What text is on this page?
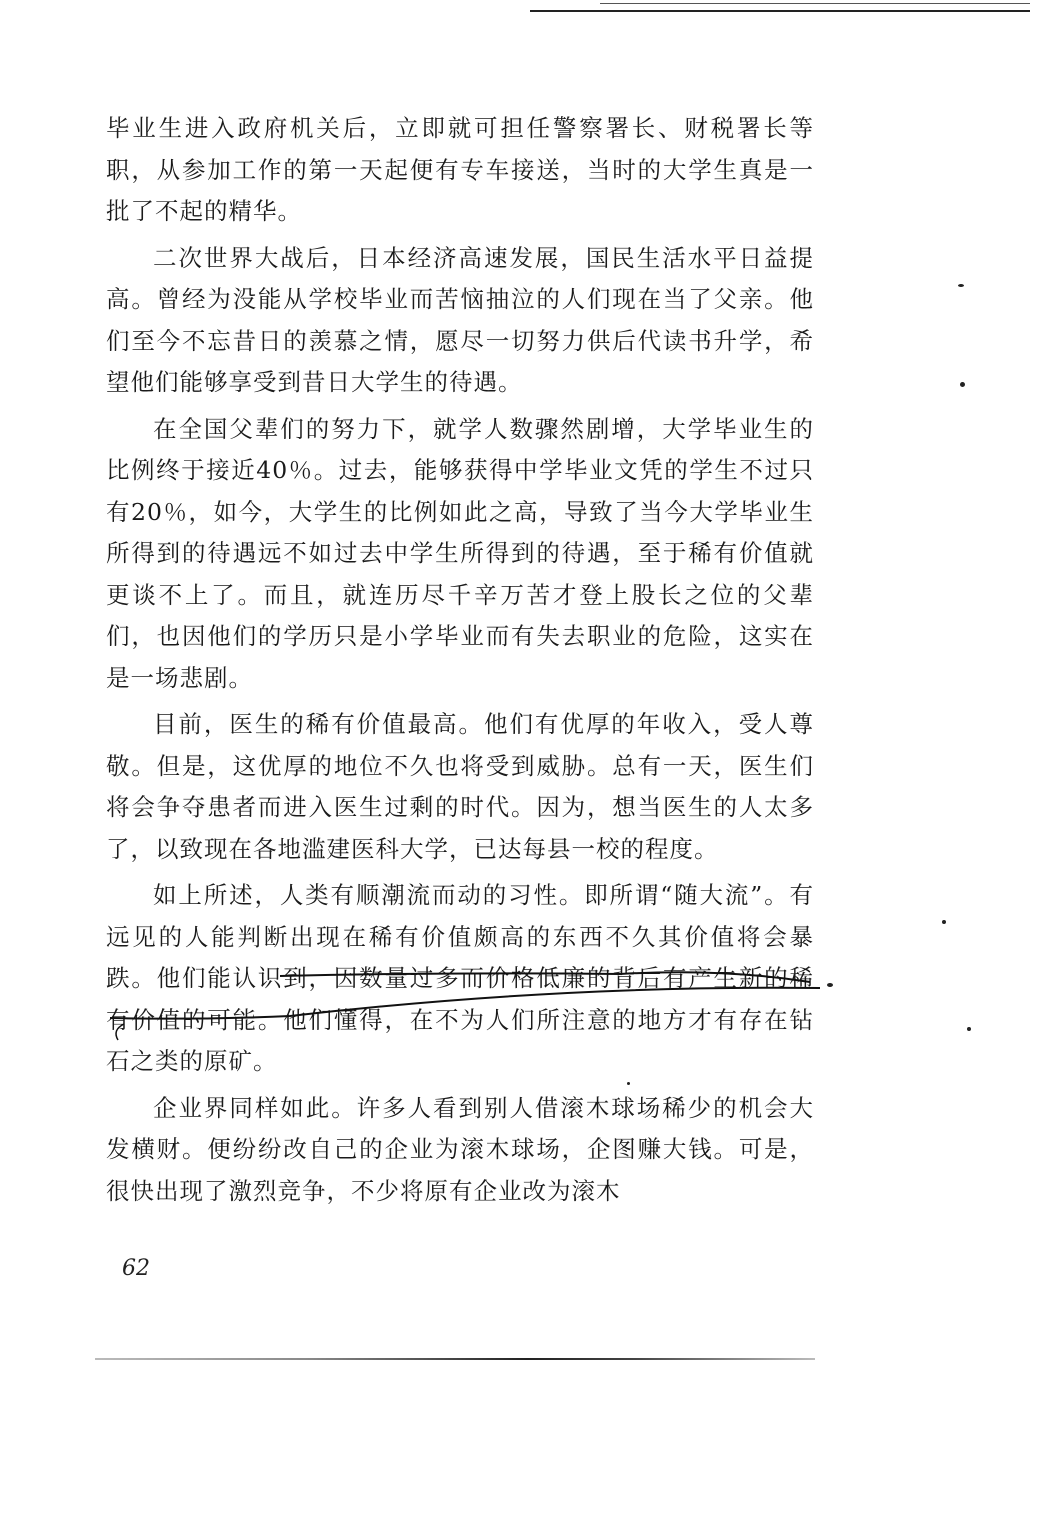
毕业生进入政府机关后，立即就可担任警察署长、财税署长等职，从参加工作的第一天起便有专车接送，当时的大学生真是一批了不起的精华。

二次世界大战后，日本经济高速发展，国民生活水平日益提高。曾经为没能从学校毕业而苦恼抽泣的人们现在当了父亲。他们至今不忘昔日的羡慕之情，愿尽一切努力供后代读书升学，希望他们能够享受到昔日大学生的待遇。

在全国父辈们的努力下，就学人数骤然剧增，大学毕业生的比例终于接近40％。过去，能够获得中学毕业文凭的学生不过只有20％，如今，大学生的比例如此之高，导致了当今大学毕业生所得到的待遇远不如过去中学生所得到的待遇，至于稀有价值就更谈不上了。而且，就连历尽千辛万苦才登上股长之位的父辈们，也因他们的学历只是小学毕业而有失去职业的危险，这实在是一场悲剧。

目前，医生的稀有价值最高。他们有优厚的年收入，受人尊敬。但是，这优厚的地位不久也将受到威胁。总有一天，医生们将会争夺患者而进入医生过剩的时代。因为，想当医生的人太多了，以致现在各地滥建医科大学，已达每县一校的程度。

如上所述，人类有顺潮流而动的习性。即所谓“随大流”。有远见的人能判断出现在稀有价值颇高的东西不久其价值将会暴跌。他们能认识到，因数量过多而价格低廉的背后有产生新的稀有价值的可能。他们懂得，在不为人们所注意的地方才有存在钻石之类的原矿。

企业界同样如此。许多人看到别人借滚木球场稀少的机会大发横财。便纷纷改自己的企业为滚木球场，企图赚大钱。可是，很快出现了激烈竞争，不少将原有企业改为滚木

62
